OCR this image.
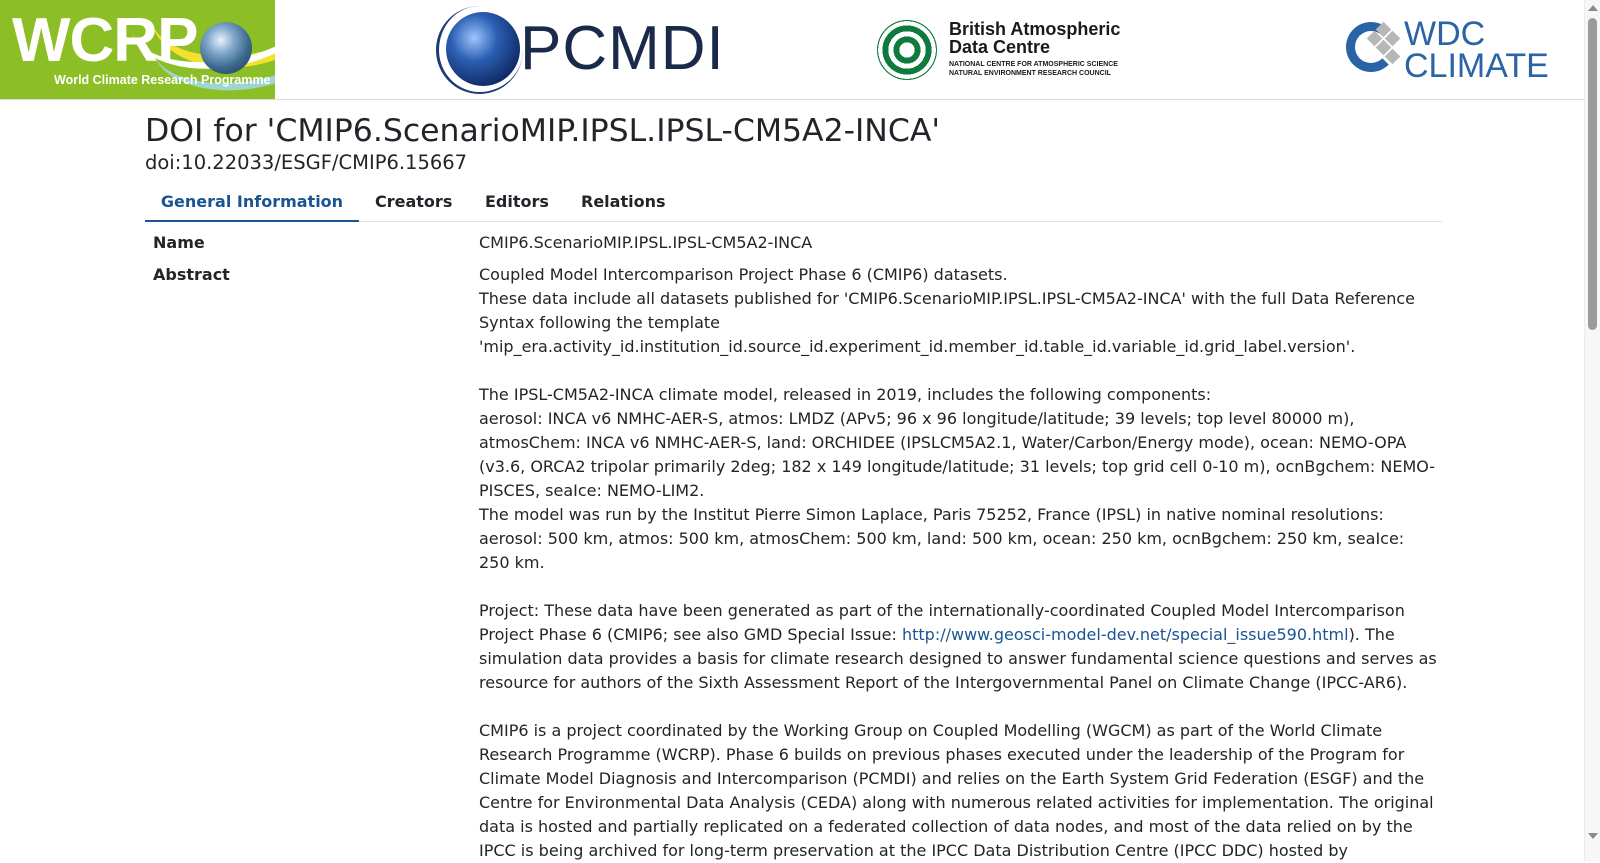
WCRP
World Climate Research Programme	PCMDI	British Atmospheric
Data Centre
NATIONAL CENTRE FOR ATMOSPHERIC SCIENCE
NATURAL ENVIRONMENT RESEARCH COUNCIL
WDC
CLIMATE
DOI for 'CMIP6.ScenarioMIP.IPSL.IPSL-CM5A2-INCA'
doi:10.22033/ESGF/CMIP6.15667
General Information	Creators Editors Relations
Name	CMIP6.ScenarioMIP.IPSL.IPSL-CM5A2-INCA
Abstract	Coupled Model Intercomparison Project Phase 6 (CMIP6) datasets.

These data include all datasets published for 'CMIP6.ScenarioMIP.IPSL.IPSL-CM5A2-INCA' with the full Data Reference Syntax following the template 'mip_era.activity_id.institution_id.source_id.experiment_id.member_id.table_id.variable_id.grid_label.version'.

The IPSL-CM5A2-INCA climate model, released in 2019, includes the following components:

aerosol: INCA v6 NMHC-AER-S, atmos: LMDZ (APv5; 96 x 96 longitude/latitude; 39 levels; top level 80000 m), atmosChem: INCA v6 NMHC-AER-S, land: ORCHIDEE (IPSLCM5A2.1, Water/Carbon/Energy mode), ocean: NEMO-OPA (v3.6, ORCA2 tripolar primarily 2deg; 182 x 149 longitude/latitude; 31 levels; top grid cell 0-10 m), ocnBgchem: NEMO-PISCES, seaIce: NEMO-LIM2.

The model was run by the Institut Pierre Simon Laplace, Paris 75252, France (IPSL) in native nominal resolutions: aerosol: 500 km, atmos: 500 km, atmosChem: 500 km, land: 500 km, ocean: 250 km, ocnBgchem: 250 km, seaIce: 250 km.

Project: These data have been generated as part of the internationally-coordinated Coupled Model Intercomparison Project Phase 6 (CMIP6; see also GMD Special Issue: http://www.geosci-model-dev.net/special_issue590.html). The simulation data provides a basis for climate research designed to answer fundamental science questions and serves as resource for authors of the Sixth Assessment Report of the Intergovernmental Panel on Climate Change (IPCC-AR6).

CMIP6 is a project coordinated by the Working Group on Coupled Modelling (WGCM) as part of the World Climate Research Programme (WCRP). Phase 6 builds on previous phases executed under the leadership of the Program for Climate Model Diagnosis and Intercomparison (PCMDI) and relies on the Earth System Grid Federation (ESGF) and the Centre for Environmental Data Analysis (CEDA) along with numerous related activities for implementation. The original data is hosted and partially replicated on a federated collection of data nodes, and most of the data relied on by the IPCC is being archived for long-term preservation at the IPCC Data Distribution Centre (IPCC DDC) hosted by
